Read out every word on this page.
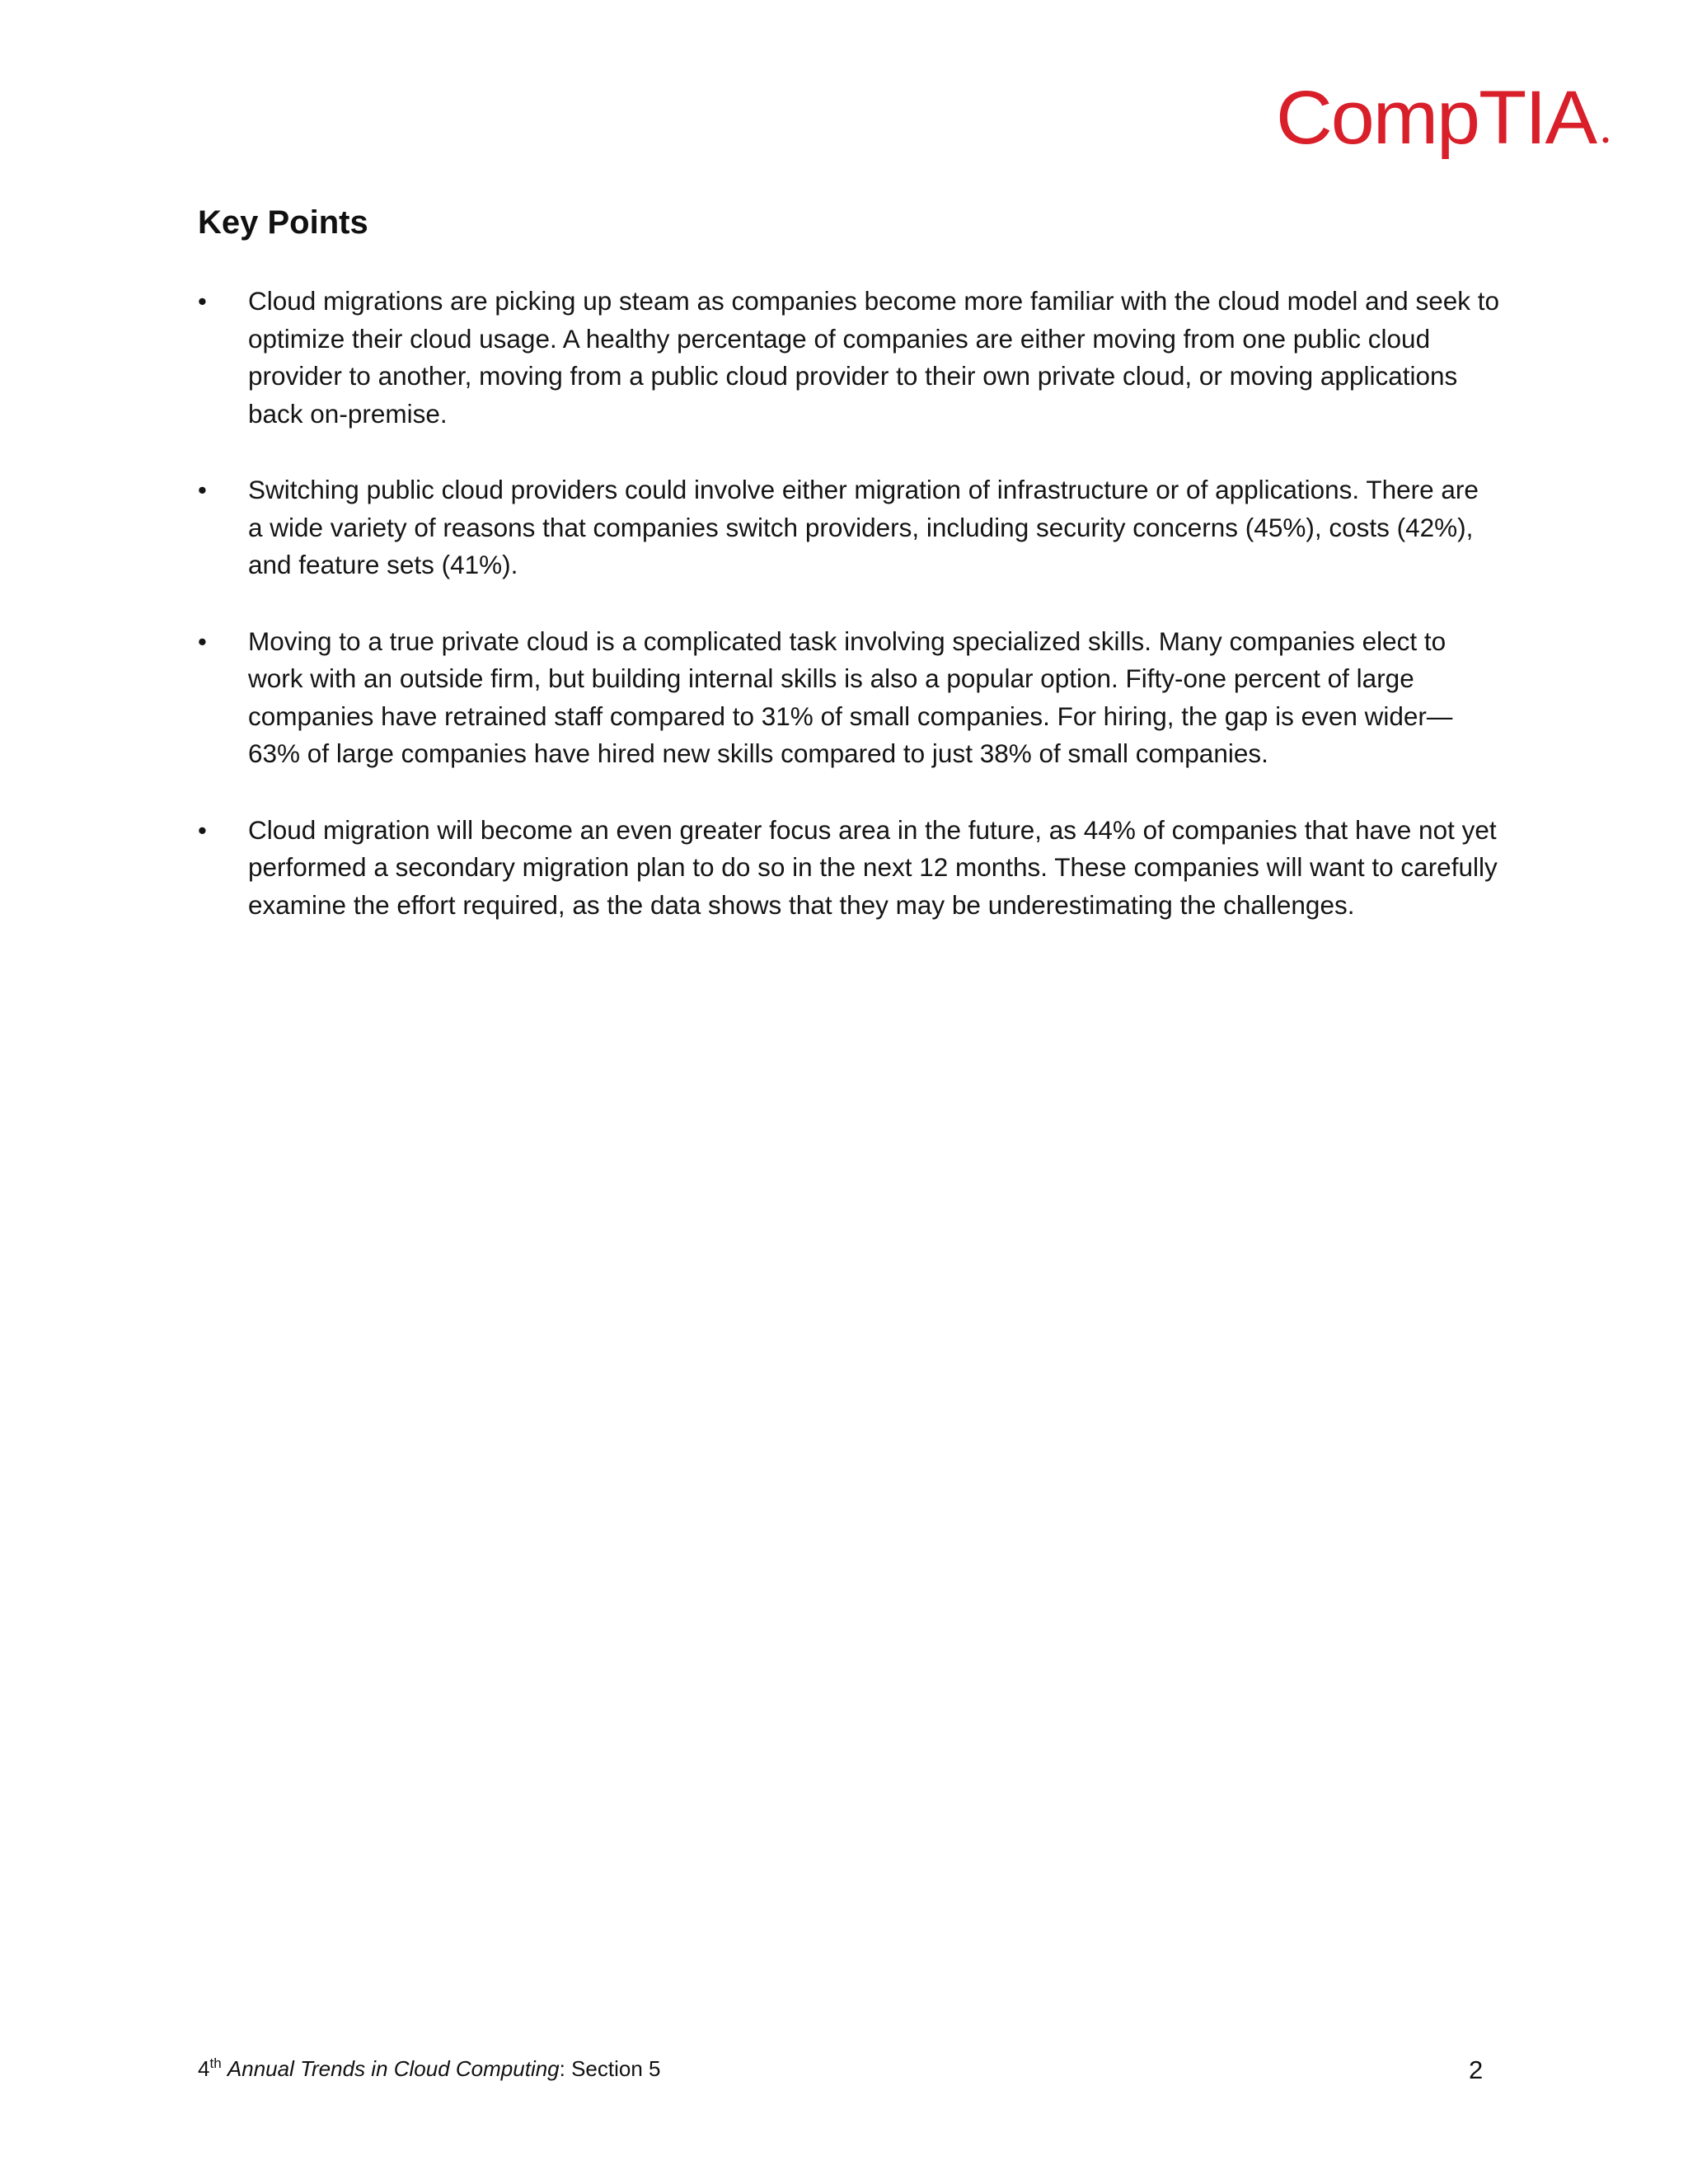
CompTIA
Key Points
• Cloud migrations are picking up steam as companies become more familiar with the cloud model and seek to optimize their cloud usage. A healthy percentage of companies are either moving from one public cloud provider to another, moving from a public cloud provider to their own private cloud, or moving applications back on-premise.
• Switching public cloud providers could involve either migration of infrastructure or of applications. There are a wide variety of reasons that companies switch providers, including security concerns (45%), costs (42%), and feature sets (41%).
• Moving to a true private cloud is a complicated task involving specialized skills. Many companies elect to work with an outside firm, but building internal skills is also a popular option. Fifty-one percent of large companies have retrained staff compared to 31% of small companies. For hiring, the gap is even wider—63% of large companies have hired new skills compared to just 38% of small companies.
• Cloud migration will become an even greater focus area in the future, as 44% of companies that have not yet performed a secondary migration plan to do so in the next 12 months. These companies will want to carefully examine the effort required, as the data shows that they may be underestimating the challenges.
4th Annual Trends in Cloud Computing: Section 5	2
